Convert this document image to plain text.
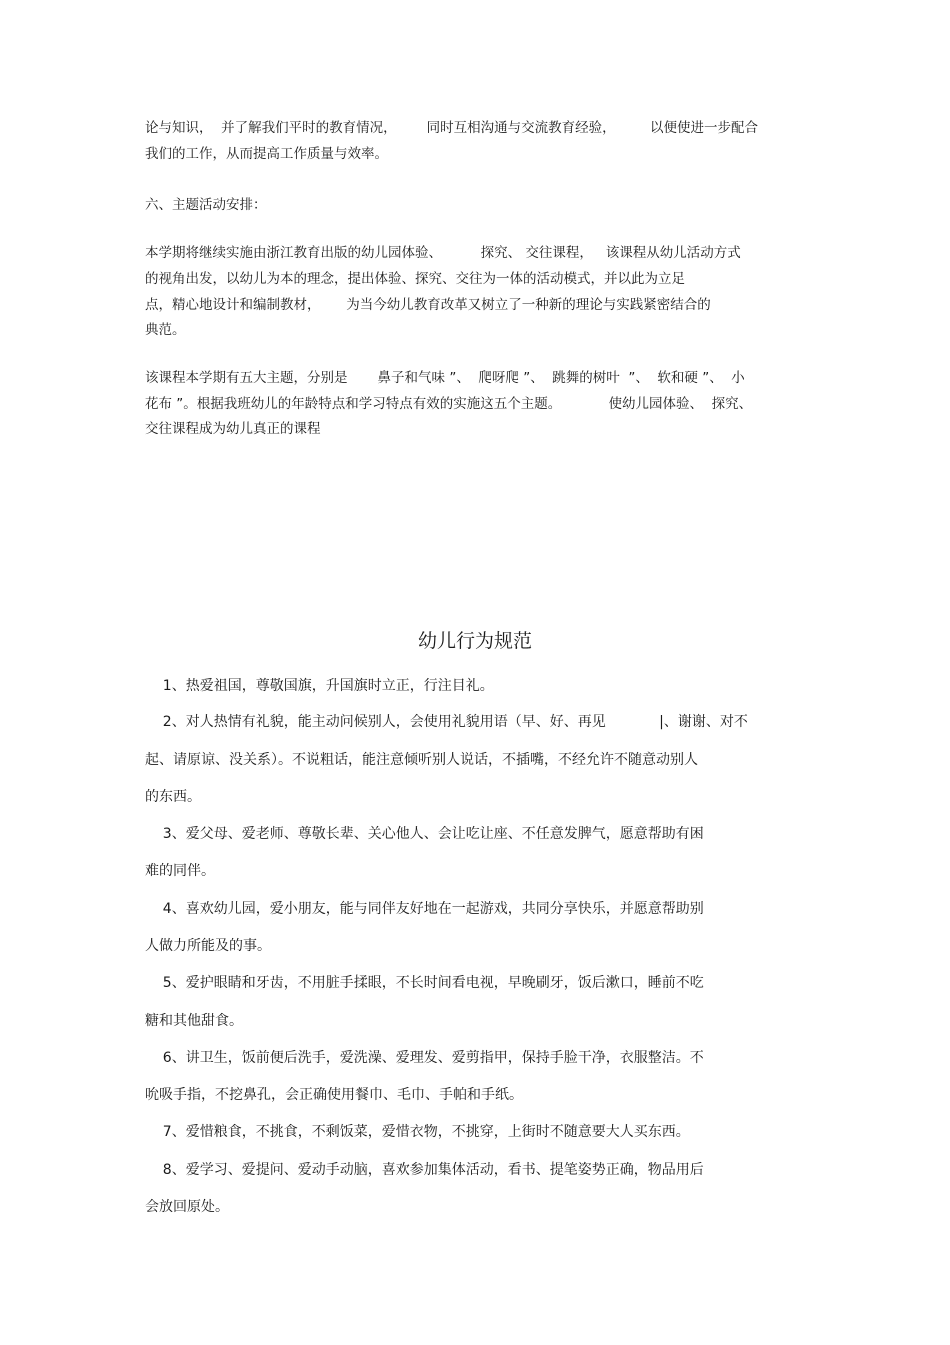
论与知识，  并了解我们平时的教育情况，       同时互相沟通与交流教育经验，        以便使进一步配合

我们的工作，从而提高工作质量与效率。

六、主题活动安排：

本学期将继续实施由浙江教育出版的幼儿园体验、         探究、 交往课程，   该课程从幼儿活动方式

的视角出发，以幼儿为本的理念，提出体验、探究、交往为一体的活动模式，并以此为立足

点，精心地设计和编制教材，      为当今幼儿教育改革又树立了一种新的理论与实践紧密结合的

典范。

该课程本学期有五大主题，分别是       鼻子和气味 ”、  爬呀爬 ”、  跳舞的树叶  ”、  软和硬 ”、  小

花布 ”。根据我班幼儿的年龄特点和学习特点有效的实施这五个主题。           使幼儿园体验、  探究、

交往课程成为幼儿真正的课程

幼儿行为规范

1、热爱祖国，尊敬国旗，升国旗时立正，行注目礼。

2、对人热情有礼貌，能主动问候别人，会使用礼貌用语（早、好、再见            |、谢谢、对不

起、请原谅、没关系）。不说粗话，能注意倾听别人说话，不插嘴，不经允许不随意动别人

的东西。

3、爱父母、爱老师、尊敬长辈、关心他人、会让吃让座、不任意发脾气，愿意帮助有困

难的同伴。

4、喜欢幼儿园，爱小朋友，能与同伴友好地在一起游戏，共同分享快乐，并愿意帮助别

人做力所能及的事。

5、爱护眼睛和牙齿，不用脏手揉眼，不长时间看电视，早晚刷牙，饭后漱口，睡前不吃

糖和其他甜食。

6、讲卫生，饭前便后洗手，爱洗澡、爱理发、爱剪指甲，保持手脸干净，衣服整洁。不

吮吸手指，不挖鼻孔，会正确使用餐巾、毛巾、手帕和手纸。

7、爱惜粮食，不挑食，不剩饭菜，爱惜衣物，不挑穿，上街时不随意要大人买东西。

8、爱学习、爱提问、爱动手动脑，喜欢参加集体活动，看书、提笔姿势正确，物品用后

会放回原处。
